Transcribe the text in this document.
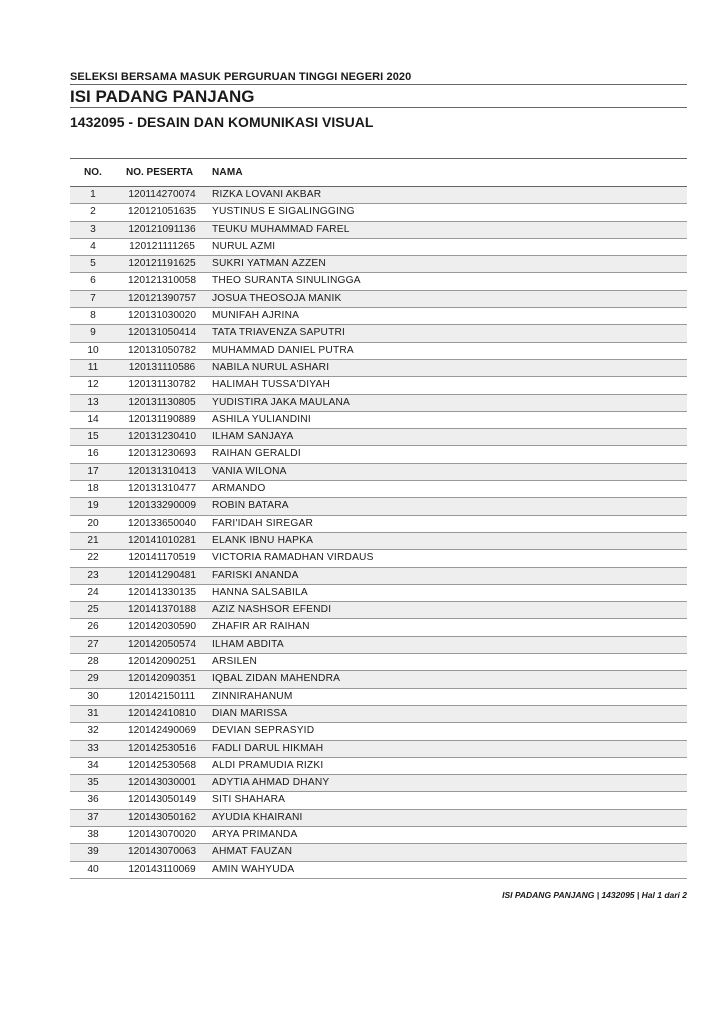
SELEKSI BERSAMA MASUK PERGURUAN TINGGI NEGERI 2020
ISI PADANG PANJANG
1432095 - DESAIN DAN KOMUNIKASI VISUAL
NO.	NO. PESERTA	NAMA
1	120114270074	RIZKA LOVANI AKBAR
2	120121051635	YUSTINUS E SIGALINGGING
3	120121091136	TEUKU MUHAMMAD FAREL
4	120121111265	NURUL AZMI
5	120121191625	SUKRI YATMAN AZZEN
6	120121310058	THEO SURANTA SINULINGGA
7	120121390757	JOSUA THEOSOJA MANIK
8	120131030020	MUNIFAH AJRINA
9	120131050414	TATA TRIAVENZA SAPUTRI
10	120131050782	MUHAMMAD DANIEL PUTRA
11	120131110586	NABILA NURUL ASHARI
12	120131130782	HALIMAH TUSSA'DIYAH
13	120131130805	YUDISTIRA JAKA MAULANA
14	120131190889	ASHILA YULIANDINI
15	120131230410	ILHAM SANJAYA
16	120131230693	RAIHAN GERALDI
17	120131310413	VANIA WILONA
18	120131310477	ARMANDO
19	120133290009	ROBIN BATARA
20	120133650040	FARI'IDAH SIREGAR
21	120141010281	ELANK IBNU HAPKA
22	120141170519	VICTORIA RAMADHAN VIRDAUS
23	120141290481	FARISKI ANANDA
24	120141330135	HANNA SALSABILA
25	120141370188	AZIZ NASHSOR EFENDI
26	120142030590	ZHAFIR AR RAIHAN
27	120142050574	ILHAM ABDITA
28	120142090251	ARSILEN
29	120142090351	IQBAL ZIDAN MAHENDRA
30	120142150111	ZINNIRAHANUM
31	120142410810	DIAN MARISSA
32	120142490069	DEVIAN SEPRASYID
33	120142530516	FADLI DARUL HIKMAH
34	120142530568	ALDI PRAMUDIA RIZKI
35	120143030001	ADYTIA AHMAD DHANY
36	120143050149	SITI SHAHARA
37	120143050162	AYUDIA KHAIRANI
38	120143070020	ARYA PRIMANDA
39	120143070063	AHMAT FAUZAN
40	120143110069	AMIN WAHYUDA
ISI PADANG PANJANG | 1432095 | Hal 1 dari 2
